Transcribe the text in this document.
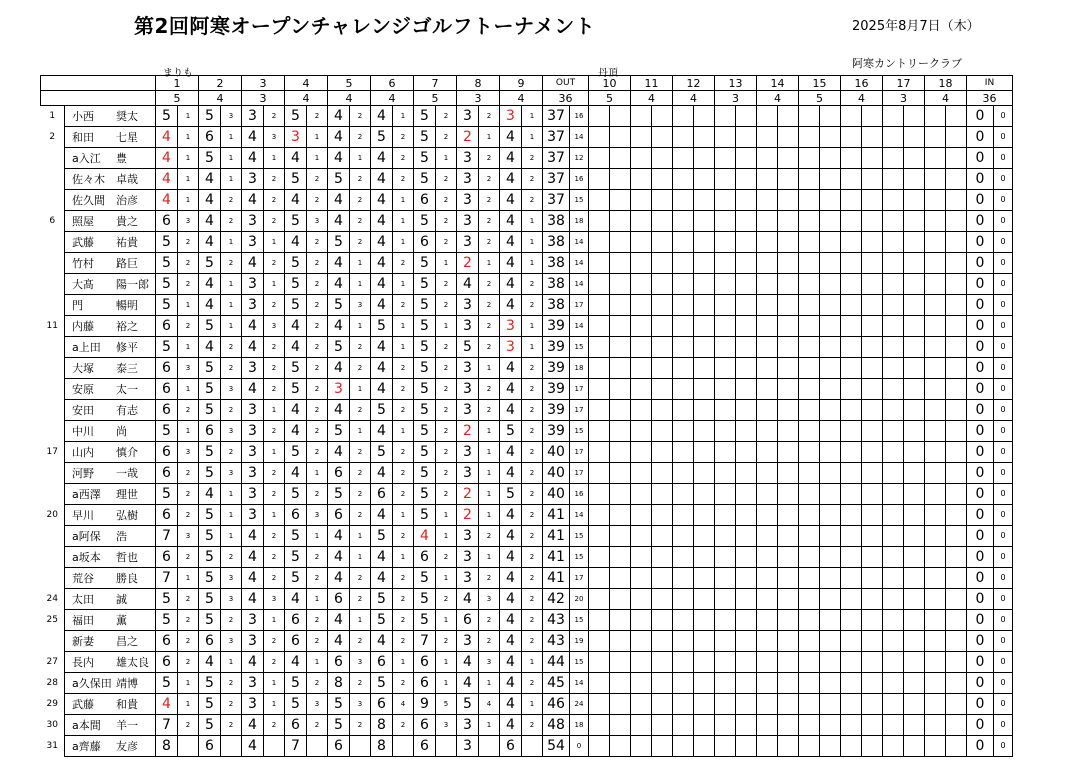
第2回阿寒オープンチャレンジゴルフトーナメント	2025年8月7日（木）
阿寒カントリークラブ
まりも	丹頂
		1		2		3		4		5		6		7		8		9		OUT		10		11		12		13		14		15		16		17		18		IN	
		5		4		3		4		4		4		5		3		4		36		5		4		4		3		4		5		4		3		4		36	
1	小西 奨太	5	1	5	3	3	2	5	2	4	2	4	1	5	2	3	2	3	1	37	16																			0	0
2	和田 七星	4	1	6	1	4	3	3	1	4	2	5	2	5	2	2	1	4	1	37	14																			0	0
	a入江 豊	4	1	5	1	4	1	4	1	4	1	4	2	5	1	3	2	4	2	37	12																			0	0
	佐々木 卓哉	4	1	4	1	3	2	5	2	5	2	4	2	5	2	3	2	4	2	37	16																			0	0
	佐久間 治彦	4	1	4	2	4	2	4	2	4	2	4	1	6	2	3	2	4	2	37	15																			0	0
6	照屋 貴之	6	3	4	2	3	2	5	3	4	2	4	1	5	2	3	2	4	1	38	18																			0	0
	武藤 祐貴	5	2	4	1	3	1	4	2	5	2	4	1	6	2	3	2	4	1	38	14																			0	0
	竹村 路巨	5	2	5	2	4	2	5	2	4	1	4	2	5	1	2	1	4	1	38	14																			0	0
	大髙 陽一郎	5	2	4	1	3	1	5	2	4	1	4	1	5	2	4	2	4	2	38	14																			0	0
	門 暢明	5	1	4	1	3	2	5	2	5	3	4	2	5	2	3	2	4	2	38	17																			0	0
11	内藤 裕之	6	2	5	1	4	3	4	2	4	1	5	1	5	1	3	2	3	1	39	14																			0	0
	a上田 修平	5	1	4	2	4	2	4	2	5	2	4	1	5	2	5	2	3	1	39	15																			0	0
	大塚 泰三	6	3	5	2	3	2	5	2	4	2	4	2	5	2	3	1	4	2	39	18																			0	0
	安原 太一	6	1	5	3	4	2	5	2	3	1	4	2	5	2	3	2	4	2	39	17																			0	0
	安田 有志	6	2	5	2	3	1	4	2	4	2	5	2	5	2	3	2	4	2	39	17																			0	0
	中川 尚	5	1	6	3	3	2	4	2	5	1	4	1	5	2	2	1	5	2	39	15																			0	0
17	山内 慎介	6	3	5	2	3	1	5	2	4	2	5	2	5	2	3	1	4	2	40	17																			0	0
	河野 一哉	6	2	5	3	3	2	4	1	6	2	4	2	5	2	3	1	4	2	40	17																			0	0
	a西澤 理世	5	2	4	1	3	2	5	2	5	2	6	2	5	2	2	1	5	2	40	16																			0	0
20	早川 弘樹	6	2	5	1	3	1	6	3	6	2	4	1	5	1	2	1	4	2	41	14																			0	0
	a阿保 浩	7	3	5	1	4	2	5	1	4	1	5	2	4	1	3	2	4	2	41	15																			0	0
	a坂本 哲也	6	2	5	2	4	2	5	2	4	1	4	1	6	2	3	1	4	2	41	15																			0	0
	荒谷 勝良	7	1	5	3	4	2	5	2	4	2	4	2	5	1	3	2	4	2	41	17																			0	0
24	太田 誠	5	2	5	3	4	3	4	1	6	2	5	2	5	2	4	3	4	2	42	20																			0	0
25	福田 薫	5	2	5	2	3	1	6	2	4	1	5	2	5	1	6	2	4	2	43	15																			0	0
	新妻 昌之	6	2	6	3	3	2	6	2	4	2	4	2	7	2	3	2	4	2	43	19																			0	0
27	長内 雄太良	6	2	4	1	4	2	4	1	6	3	6	1	6	1	4	3	4	1	44	15																			0	0
28	a久保田 靖博	5	1	5	2	3	1	5	2	8	2	5	2	6	1	4	1	4	2	45	14																			0	0
29	武藤 和貴	4	1	5	2	3	1	5	3	5	3	6	4	9	5	5	4	4	1	46	24																			0	0
30	a本間 羊一	7	2	5	2	4	2	6	2	5	2	8	2	6	3	3	1	4	2	48	18																			0	0
31	a齊藤 友彦	8		6		4		7		6		8		6		3		6		54	0																			0	0
